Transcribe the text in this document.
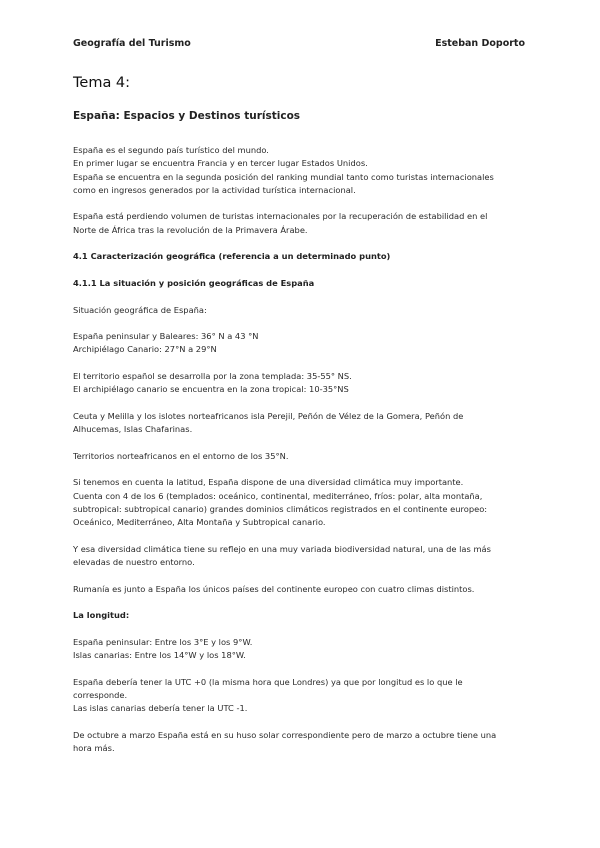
Geografía del Turismo	Esteban Doporto
Tema 4:
España: Espacios y Destinos turísticos
España es el segundo país turístico del mundo.
En primer lugar se encuentra Francia y en tercer lugar Estados Unidos.
España se encuentra en la segunda posición del ranking mundial tanto como turistas internacionales
como en ingresos generados por la actividad turística internacional.
España está perdiendo volumen de turistas internacionales por la recuperación de estabilidad en el
Norte de África tras la revolución de la Primavera Árabe.
4.1 Caracterización geográfica (referencia a un determinado punto)
4.1.1 La situación y posición geográficas de España
Situación geográfica de España:
España peninsular y Baleares: 36° N a 43 °N
Archipiélago Canario: 27°N a 29°N
El territorio español se desarrolla por la zona templada: 35-55° NS.
El archipiélago canario se encuentra en la zona tropical: 10-35°NS
Ceuta y Melilla y los islotes norteafricanos isla Perejil, Peñón de Vélez de la Gomera, Peñón de
Alhucemas, Islas Chafarinas.
Territorios norteafricanos en el entorno de los 35°N.
Si tenemos en cuenta la latitud, España dispone de una diversidad climática muy importante.
Cuenta con 4 de los 6 (templados: oceánico, continental, mediterráneo, fríos: polar, alta montaña,
subtropical: subtropical canario) grandes dominios climáticos registrados en el continente europeo:
Oceánico, Mediterráneo, Alta Montaña y Subtropical canario.
Y esa diversidad climática tiene su reflejo en una muy variada biodiversidad natural, una de las más
elevadas de nuestro entorno.
Rumanía es junto a España los únicos países del continente europeo con cuatro climas distintos.
La longitud:
España peninsular: Entre los 3°E y los 9°W.
Islas canarias: Entre los 14°W y los 18°W.
España debería tener la UTC +0 (la misma hora que Londres) ya que por longitud es lo que le
corresponde.
Las islas canarias debería tener la UTC -1.
De octubre a marzo España está en su huso solar correspondiente pero de marzo a octubre tiene una
hora más.
